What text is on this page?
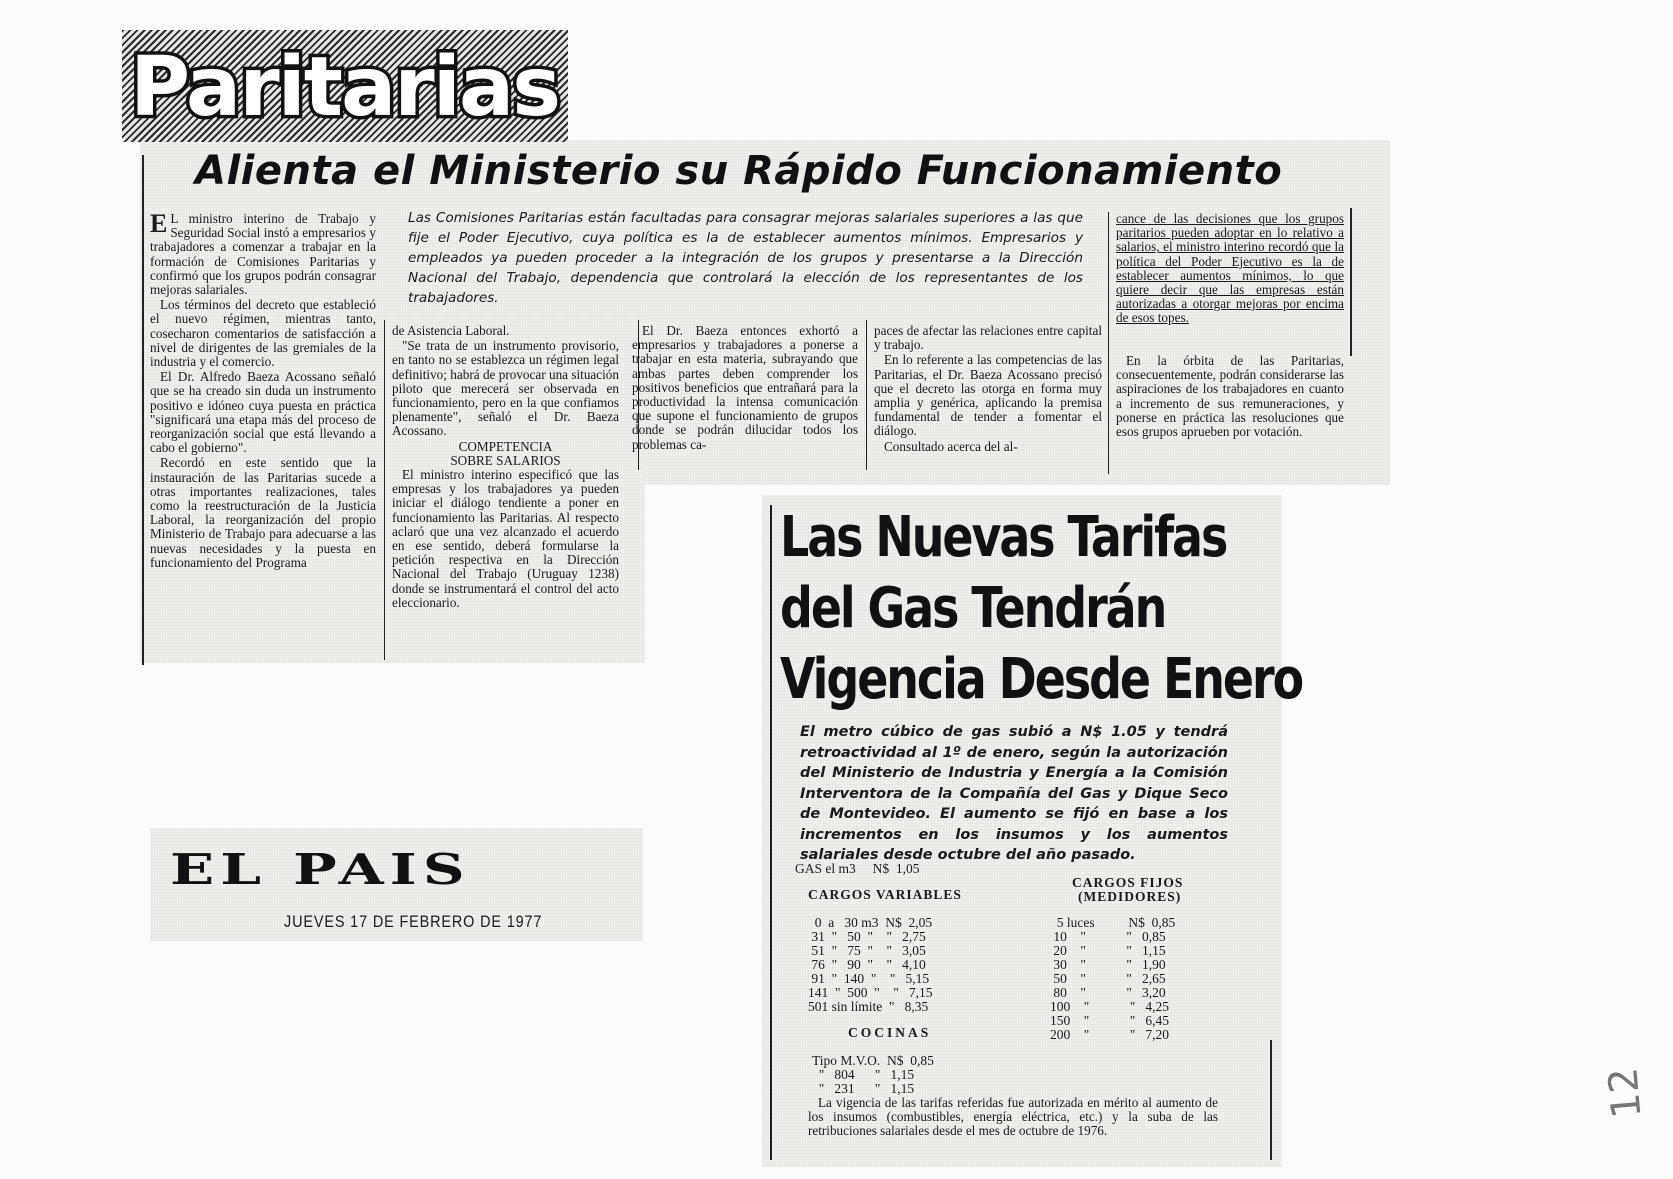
Paritarias
Alienta el Ministerio su Rápido Funcionamiento
Las Comisiones Paritarias están facultadas para consagrar mejoras salariales superiores a las que fije el Poder Ejecutivo, cuya política es la de establecer aumentos mínimos. Empresarios y empleados ya pueden proceder a la integración de los grupos y presentarse a la Dirección Nacional del Trabajo, dependencia que controlará la elección de los representantes de los trabajadores.
E L ministro interino de Trabajo y Seguridad Social instó a empresarios y trabajadores a comenzar a trabajar en la formación de Comisiones Paritarias y confirmó que los grupos podrán consagrar mejoras salariales.

Los términos del decreto que estableció el nuevo régimen, mientras tanto, cosecharon comentarios de satisfacción a nivel de dirigentes de las gremiales de la industria y el comercio.

El Dr. Alfredo Baeza Acossano señaló que se ha creado sin duda un instrumento positivo e idóneo cuya puesta en práctica "significará una etapa más del proceso de reorganización social que está llevando a cabo el gobierno".

Recordó en este sentido que la instauración de las Paritarias sucede a otras importantes realizaciones, tales como la reestructuración de la Justicia Laboral, la reorganización del propio Ministerio de Trabajo para adecuarse a las nuevas necesidades y la puesta en funcionamiento del Programa

de Asistencia Laboral.

"Se trata de un instrumento provisorio, en tanto no se establezca un régimen legal definitivo; habrá de provocar una situación piloto que merecerá ser observada en funcionamiento, pero en la que confiamos plenamente", señaló el Dr. Baeza Acossano.

COMPETENCIA

SOBRE SALARIOS

El ministro interino especificó que las empresas y los trabajadores ya pueden iniciar el diálogo tendiente a poner en funcionamiento las Paritarias. Al respecto aclaró que una vez alcanzado el acuerdo en ese sentido, deberá formularse la petición respectiva en la Dirección Nacional del Trabajo (Uruguay 1238) donde se instrumentará el control del acto eleccionario.

El Dr. Baeza entonces exhortó a empresarios y trabajadores a ponerse a trabajar en esta materia, subrayando que ambas partes deben comprender los positivos beneficios que entrañará para la productividad la intensa comunicación que supone el funcionamiento de grupos donde se podrán dilucidar todos los problemas ca-

paces de afectar las relaciones entre capital y trabajo.

En lo referente a las competencias de las Paritarias, el Dr. Baeza Acossano precisó que el decreto las otorga en forma muy amplia y genérica, aplicando la premisa fundamental de tender a fomentar el diálogo.

Consultado acerca del al-

cance de las decisiones que los grupos paritarios pueden adoptar en lo relativo a salarios, el ministro interino recordó que la política del Poder Ejecutivo es la de establecer aumentos mínimos, lo que quiere decir que las empresas están autorizadas a otorgar mejoras por encima de esos topes.

En la órbita de las Paritarias, consecuentemente, podrán considerarse las aspiraciones de los trabajadores en cuanto a incremento de sus remuneraciones, y ponerse en práctica las resoluciones que esos grupos aprueben por votación.

Las Nuevas Tarifas
del Gas Tendrán
Vigencia Desde Enero
El metro cúbico de gas subió a N$ 1.05 y tendrá retroactividad al 1º de enero, según la autorización del Ministerio de Industria y Energía a la Comisión Interventora de la Compañía del Gas y Dique Seco de Montevideo. El aumento se fijó en base a los incrementos en los insumos y los aumentos salariales desde octubre del año pasado.
GAS el m3     N$  1,05
CARGOS VARIABLES
0  a   30 m3  N$  2,05
31  "   50  "    "   2,75
51  "   75  "    "   3,05
76  "   90  "    "   4,10
91  "  140  "    "   5,15
141  "  500  "    "   7,15
501 sin límite  "   8,35
CARGOS FIJOS
(MEDIDORES)
5 luces          N$  0,85
10    "            "   0,85
20    "            "   1,15
30    "            "   1,90
50    "            "   2,65
80    "            "   3,20
100    "            "   4,25
150    "            "   6,45
200    "            "   7,20
COCINAS
Tipo M.V.O.  N$  0,85
"   804      "   1,15
"   231      "   1,15

La vigencia de las tarifas referidas fue autorizada en mérito al aumento de los insumos (combustibles, energía eléctrica, etc.) y la suba de las retribuciones salariales desde el mes de octubre de 1976.

EL PAIS
JUEVES 17 DE FEBRERO DE 1977
12
